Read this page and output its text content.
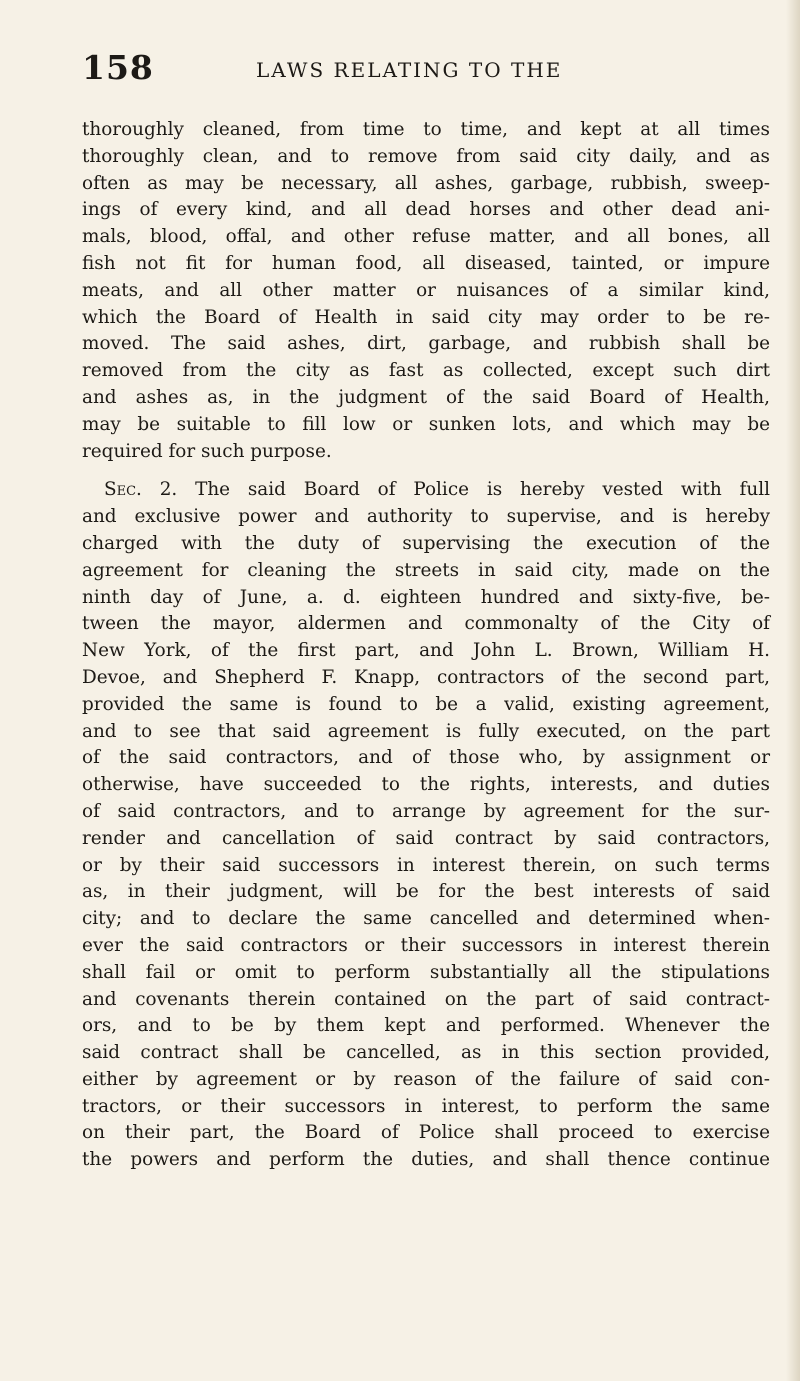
158	LAWS RELATING TO THE
thoroughly cleaned, from time to time, and kept at all times
thoroughly clean, and to remove from said city daily, and as
often as may be necessary, all ashes, garbage, rubbish, sweep-
ings of every kind, and all dead horses and other dead ani-
mals, blood, offal, and other refuse matter, and all bones, all
fish not fit for human food, all diseased, tainted, or impure
meats, and all other matter or nuisances of a similar kind,
which the Board of Health in said city may order to be re-
moved. The said ashes, dirt, garbage, and rubbish shall be
removed from the city as fast as collected, except such dirt
and ashes as, in the judgment of the said Board of Health,
may be suitable to fill low or sunken lots, and which may be
required for such purpose.
Sec. 2. The said Board of Police is hereby vested with full
and exclusive power and authority to supervise, and is hereby
charged with the duty of supervising the execution of the
agreement for cleaning the streets in said city, made on the
ninth day of June, a. d. eighteen hundred and sixty-five, be-
tween the mayor, aldermen and commonalty of the City of
New York, of the first part, and John L. Brown, William H.
Devoe, and Shepherd F. Knapp, contractors of the second part,
provided the same is found to be a valid, existing agreement,
and to see that said agreement is fully executed, on the part
of the said contractors, and of those who, by assignment or
otherwise, have succeeded to the rights, interests, and duties
of said contractors, and to arrange by agreement for the sur-
render and cancellation of said contract by said contractors,
or by their said successors in interest therein, on such terms
as, in their judgment, will be for the best interests of said
city; and to declare the same cancelled and determined when-
ever the said contractors or their successors in interest therein
shall fail or omit to perform substantially all the stipulations
and covenants therein contained on the part of said contract-
ors, and to be by them kept and performed. Whenever the
said contract shall be cancelled, as in this section provided,
either by agreement or by reason of the failure of said con-
tractors, or their successors in interest, to perform the same
on their part, the Board of Police shall proceed to exercise
the powers and perform the duties, and shall thence continue
